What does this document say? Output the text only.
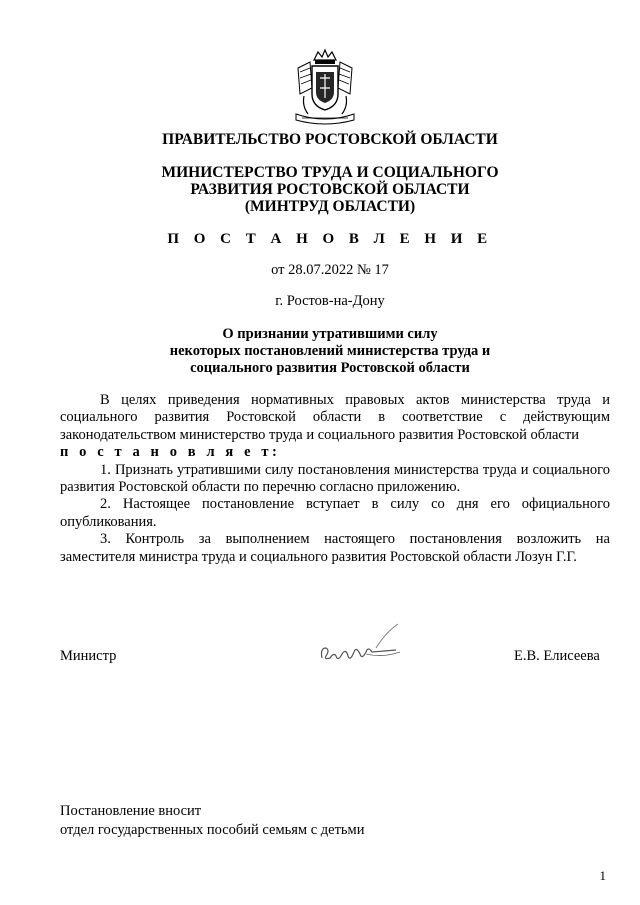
ПРАВИТЕЛЬСТВО РОСТОВСКОЙ ОБЛАСТИ

МИНИСТЕРСТВО ТРУДА И СОЦИАЛЬНОГО

РАЗВИТИЯ РОСТОВСКОЙ ОБЛАСТИ

(МИНТРУД ОБЛАСТИ)

П О С Т А Н О В Л Е Н И Е
от 28.07.2022 № 17
г. Ростов-на-Дону
О признании утратившими силу
некоторых постановлений министерства труда и
социального развития Ростовской области

В целях приведения нормативных правовых актов министерства труда и социального развития Ростовской области в соответствие с действующим законодательством министерство труда и социального развития Ростовской области

п о с т а н о в л я е т:

1. Признать утратившими силу постановления министерства труда и социального развития Ростовской области по перечню согласно приложению.

2. Настоящее постановление вступает в силу со дня его официального опубликования.

3. Контроль за выполнением настоящего постановления возложить на заместителя министра труда и социального развития Ростовской области Лозун Г.Г.

Министр	Е.В. Елисеева
Постановление вносит
отдел государственных пособий семьям с детьми
1
